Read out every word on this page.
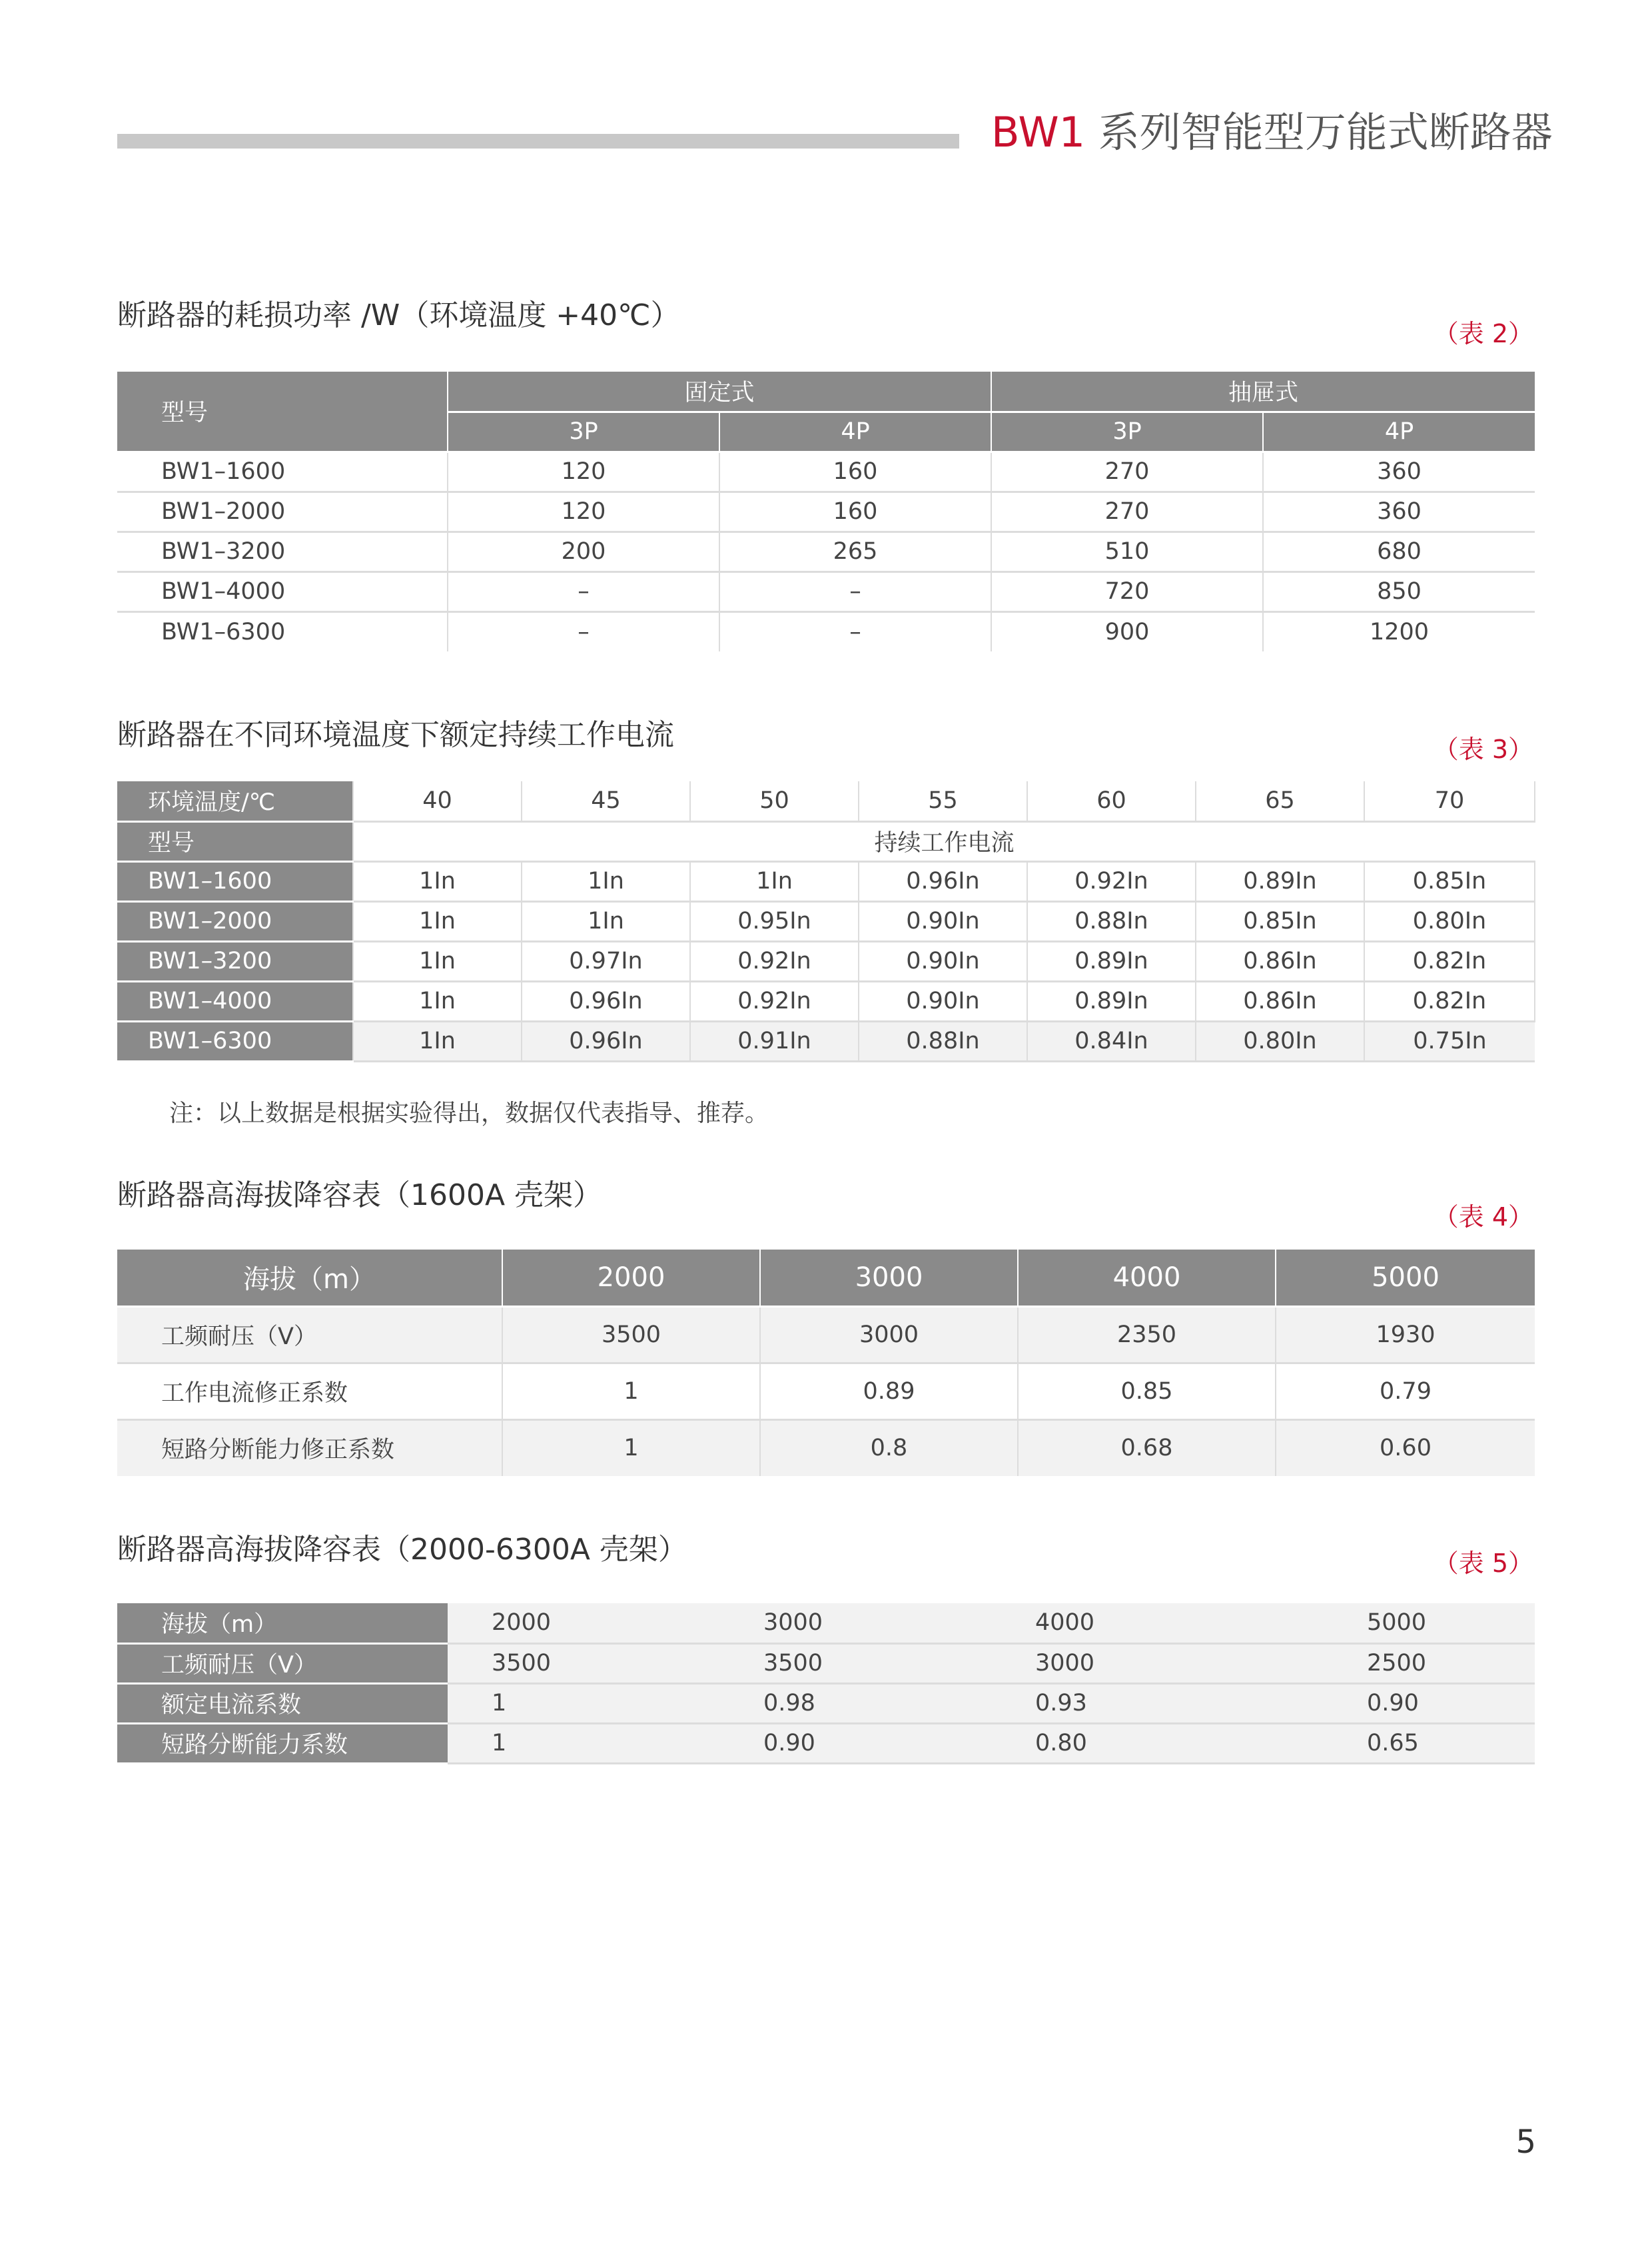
BW1 系列智能型万能式断路器
断路器的耗损功率 /W（环境温度 +40℃）
（表 2）
型号	固定式		抽屉式	
	3P	4P	3P	4P
BW1–1600	120	160	270	360
BW1–2000	120	160	270	360
BW1–3200	200	265	510	680
BW1–4000	–	–	720	850
BW1–6300	–	–	900	1200
断路器在不同环境温度下额定持续工作电流	（表 3）
环境温度/℃	40	45	50	55	60	65	70
型号	持续工作电流						
BW1–1600	1In	1In	1In	0.96In	0.92In	0.89In	0.85In
BW1–2000	1In	1In	0.95In	0.90In	0.88In	0.85In	0.80In
BW1–3200	1In	0.97In	0.92In	0.90In	0.89In	0.86In	0.82In
BW1–4000	1In	0.96In	0.92In	0.90In	0.89In	0.86In	0.82In
BW1–6300	1In	0.96In	0.91In	0.88In	0.84In	0.80In	0.75In
注：以上数据是根据实验得出，数据仅代表指导、推荐。
断路器高海拔降容表（1600A 壳架）
（表 4）
海拔（m）	2000	3000	4000	5000
工频耐压（V）	3500	3000	2350	1930
工作电流修正系数	1	0.89	0.85	0.79
短路分断能力修正系数	1	0.8	0.68	0.60
断路器高海拔降容表（2000-6300A 壳架）	（表 5）
海拔（m）	2000	3000	4000	5000
工频耐压（V）	3500	3500	3000	2500
额定电流系数	1	0.98	0.93	0.90
短路分断能力系数	1	0.90	0.80	0.65
5
